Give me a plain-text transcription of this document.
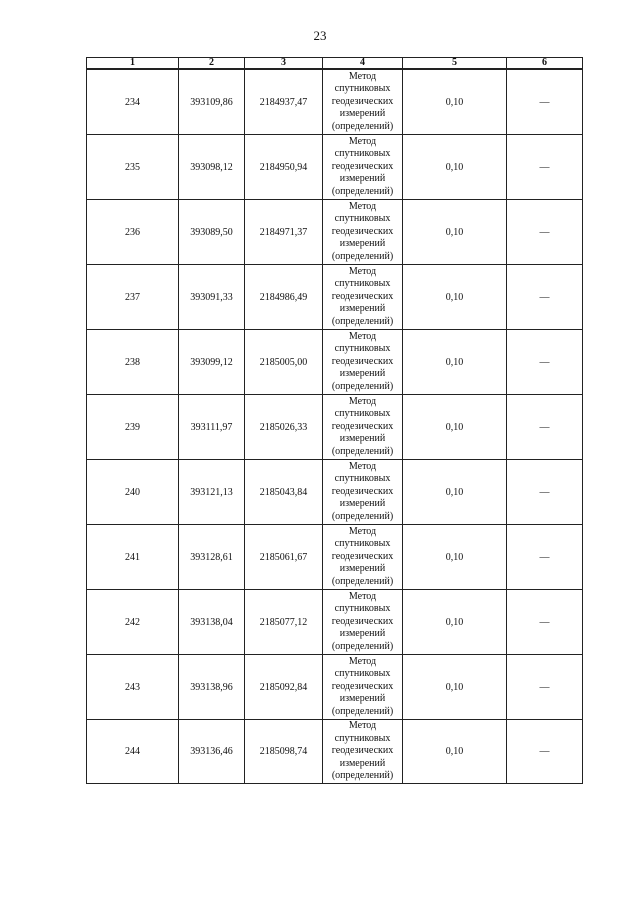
23
1	2	3	4	5	6
234	393109,86	2184937,47	Метод
спутниковых
геодезических
измерений
(определений)	0,10	—
235	393098,12	2184950,94	Метод
спутниковых
геодезических
измерений
(определений)	0,10	—
236	393089,50	2184971,37	Метод
спутниковых
геодезических
измерений
(определений)	0,10	—
237	393091,33	2184986,49	Метод
спутниковых
геодезических
измерений
(определений)	0,10	—
238	393099,12	2185005,00	Метод
спутниковых
геодезических
измерений
(определений)	0,10	—
239	393111,97	2185026,33	Метод
спутниковых
геодезических
измерений
(определений)	0,10	—
240	393121,13	2185043,84	Метод
спутниковых
геодезических
измерений
(определений)	0,10	—
241	393128,61	2185061,67	Метод
спутниковых
геодезических
измерений
(определений)	0,10	—
242	393138,04	2185077,12	Метод
спутниковых
геодезических
измерений
(определений)	0,10	—
243	393138,96	2185092,84	Метод
спутниковых
геодезических
измерений
(определений)	0,10	—
244	393136,46	2185098,74	Метод
спутниковых
геодезических
измерений
(определений)	0,10	—
